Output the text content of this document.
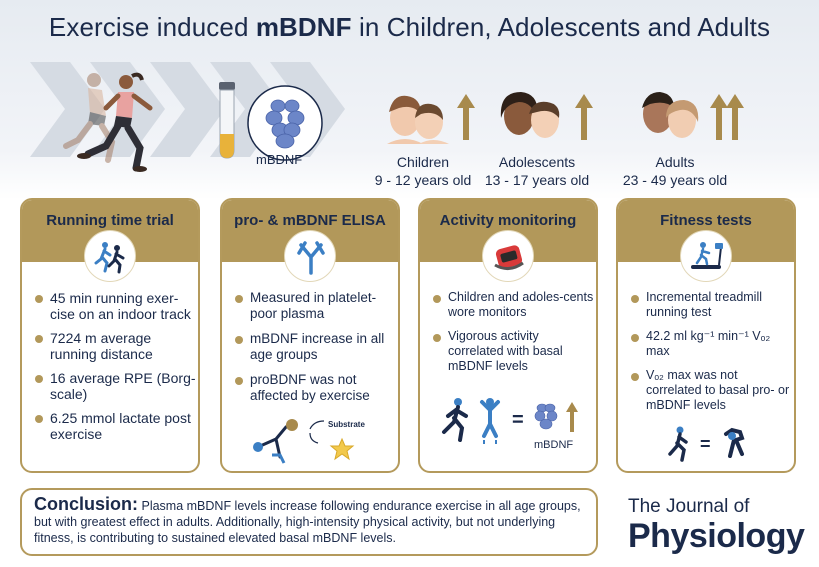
Exercise induced mBDNF in Children, Adolescents and Adults
mBDNF	Children
9 - 12 years old
Adolescents
13 - 17 years old
Adults
23 - 49 years old
Running time trial
45 min running exer-cise on an indoor track
7224 m average running distance
16 average RPE (Borg-scale)
6.25 mmol lactate post exercise
pro- & mBDNF ELISA
Measured in platelet-poor plasma
mBDNF increase in all age groups
proBDNF was not affected by exercise
Substrate
Activity monitoring
Children and adoles-cents wore monitors
Vigorous activity correlated with basal mBDNF levels
=
mBDNF
Fitness tests
Incremental treadmill running test
42.2 ml kg⁻¹ min⁻¹ Vₒ₂ max
Vₒ₂ max was not correlated to basal pro- or mBDNF levels
=
Conclusion: Plasma mBDNF levels increase following endurance exercise in all age groups, but with greatest effect in adults. Additionally, high-intensity physical activity, but not underlying fitness, is contributing to sustained elevated basal mBDNF levels.
The Journal of
Physiology
